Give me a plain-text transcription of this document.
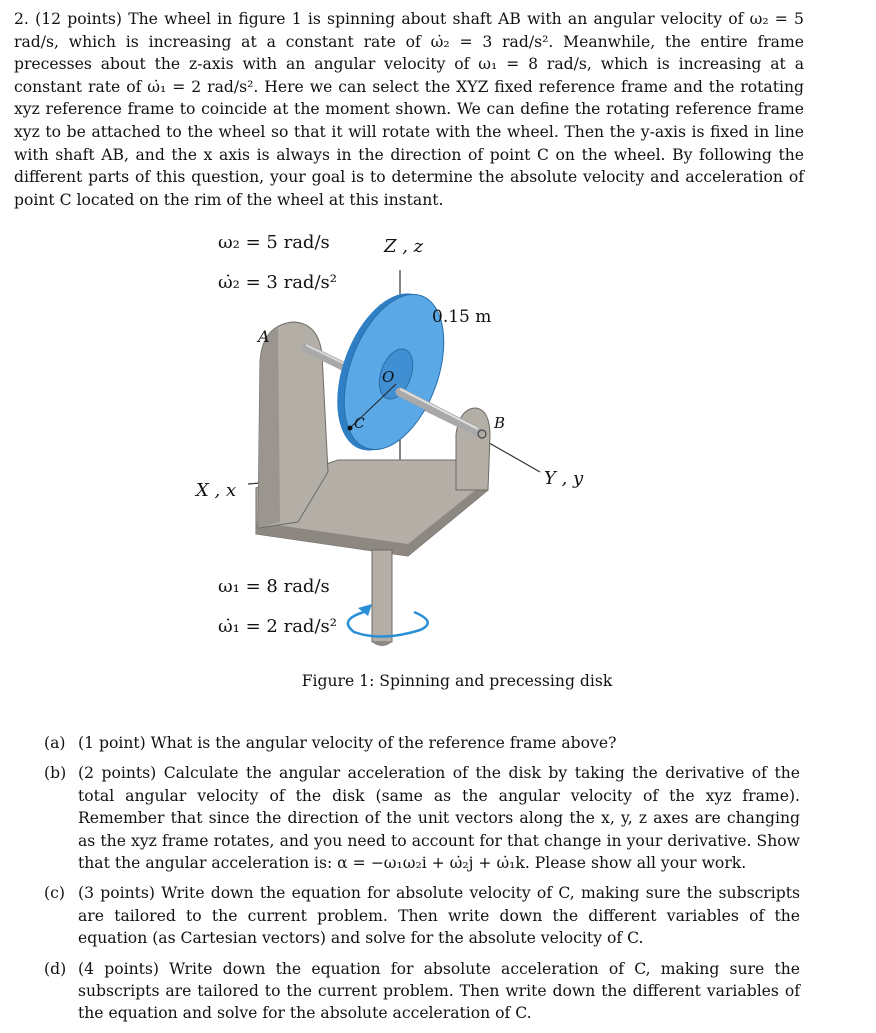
2. (12 points) The wheel in figure 1 is spinning about shaft AB with an angular velocity of ω₂ = 5 rad/s, which is increasing at a constant rate of ω̇₂ = 3 rad/s². Meanwhile, the entire frame precesses about the z-axis with an angular velocity of ω₁ = 8 rad/s, which is increasing at a constant rate of ω̇₁ = 2 rad/s². Here we can select the XYZ fixed reference frame and the rotating xyz reference frame to coincide at the moment shown. We can define the rotating reference frame xyz to be attached to the wheel so that it will rotate with the wheel. Then the y-axis is fixed in line with shaft AB, and the x axis is always in the direction of point C on the wheel. By following the different parts of this question, your goal is to determine the absolute velocity and acceleration of point C located on the rim of the wheel at this instant.
ω₂ = 5 rad/s
ω̇₂ = 3 rad/s²
Z , z
0.15 m
A
O
C	B
X , x
Y , y
ω₁ = 8 rad/s
ω̇₁ = 2 rad/s²
Figure 1: Spinning and precessing disk
(a) (1 point) What is the angular velocity of the reference frame above?
(b) (2 points) Calculate the angular acceleration of the disk by taking the derivative of the total angular velocity of the disk (same as the angular velocity of the xyz frame). Remember that since the direction of the unit vectors along the x, y, z axes are changing as the xyz frame rotates, and you need to account for that change in your derivative. Show that the angular acceleration is: α = −ω₁ω₂i + ω̇₂j + ω̇₁k. Please show all your work.
(c) (3 points) Write down the equation for absolute velocity of C, making sure the subscripts are tailored to the current problem. Then write down the different variables of the equation (as Cartesian vectors) and solve for the absolute velocity of C.
(d) (4 points) Write down the equation for absolute acceleration of C, making sure the subscripts are tailored to the current problem. Then write down the different variables of the equation and solve for the absolute acceleration of C.
